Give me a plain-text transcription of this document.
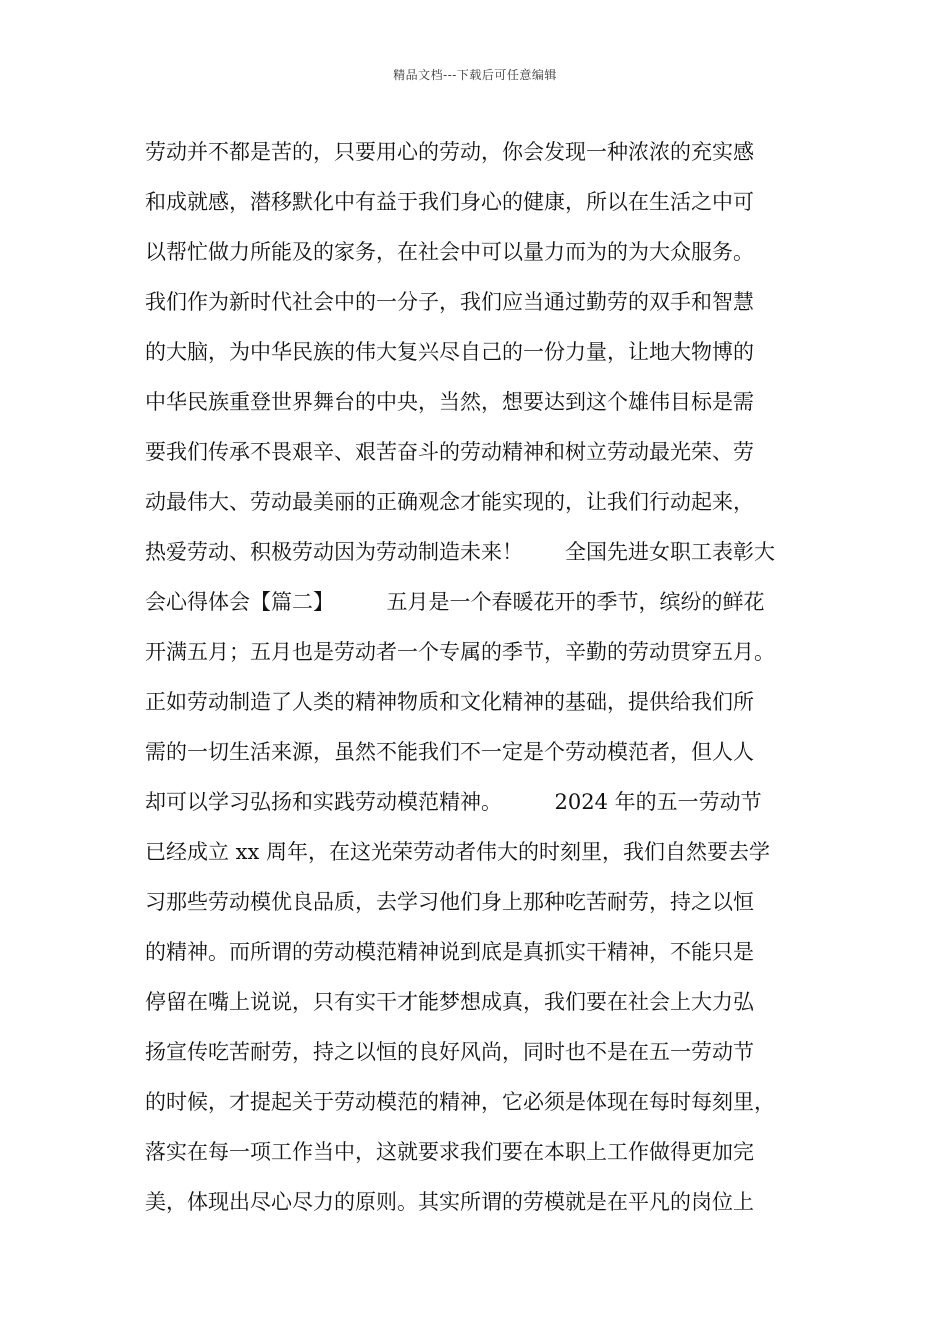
精品文档---下载后可任意编辑
劳动并不都是苦的，只要用心的劳动，你会发现一种浓浓的充实感
和成就感，潜移默化中有益于我们身心的健康，所以在生活之中可
以帮忙做力所能及的家务，在社会中可以量力而为的为大众服务。
我们作为新时代社会中的一分子，我们应当通过勤劳的双手和智慧
的大脑，为中华民族的伟大复兴尽自己的一份力量，让地大物博的
中华民族重登世界舞台的中央，当然，想要达到这个雄伟目标是需
要我们传承不畏艰辛、艰苦奋斗的劳动精神和树立劳动最光荣、劳
动最伟大、劳动最美丽的正确观念才能实现的，让我们行动起来，
热爱劳动、积极劳动因为劳动制造未来！　　全国先进女职工表彰大
会心得体会【篇二】　　　五月是一个春暖花开的季节，缤纷的鲜花
开满五月；五月也是劳动者一个专属的季节，辛勤的劳动贯穿五月。
正如劳动制造了人类的精神物质和文化精神的基础，提供给我们所
需的一切生活来源，虽然不能我们不一定是个劳动模范者，但人人
却可以学习弘扬和实践劳动模范精神。　　　2024 年的五一劳动节
已经成立 xx 周年，在这光荣劳动者伟大的时刻里，我们自然要去学
习那些劳动模优良品质，去学习他们身上那种吃苦耐劳，持之以恒
的精神。而所谓的劳动模范精神说到底是真抓实干精神，不能只是
停留在嘴上说说，只有实干才能梦想成真，我们要在社会上大力弘
扬宣传吃苦耐劳，持之以恒的良好风尚，同时也不是在五一劳动节
的时候，才提起关于劳动模范的精神，它必须是体现在每时每刻里，
落实在每一项工作当中，这就要求我们要在本职上工作做得更加完
美，体现出尽心尽力的原则。其实所谓的劳模就是在平凡的岗位上
